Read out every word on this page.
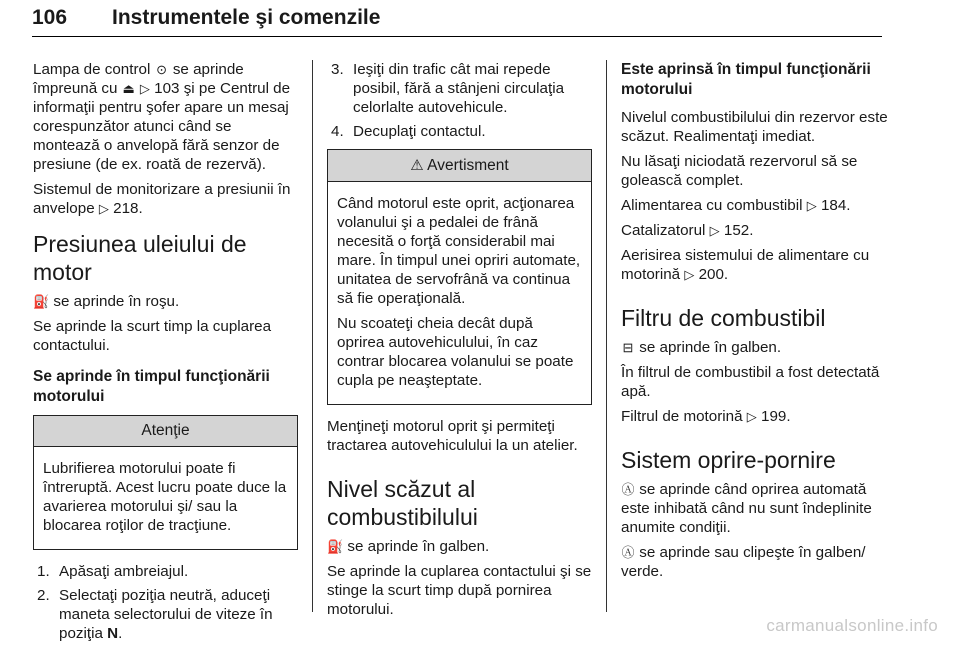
106 Instrumentele şi comenzile

Lampa de control ⊙ se aprinde împreună cu ⏏ ▷ 103 şi pe Centrul de informaţii pentru şofer apare un mesaj corespunzător atunci când se montează o anvelopă fără senzor de presiune (de ex. roată de rezervă).

Sistemul de monitorizare a presiunii în anvelope ▷ 218.

Presiunea uleiului de motor

⛽ se aprinde în roşu.

Se aprinde la scurt timp la cuplarea contactului.

Se aprinde în timpul funcţionării motorului
Atenţie

Lubrifierea motorului poate fi întreruptă. Acest lucru poate duce la avarierea motorului şi/ sau la blocarea roţilor de tracţiune.

1. Apăsaţi ambreiajul.
2. Selectaţi poziţia neutră, aduceţi maneta selectorului de viteze în poziţia N.
3. Ieşiţi din trafic cât mai repede posibil, fără a stânjeni circulaţia celorlalte autovehicule.
4. Decuplaţi contactul.
⚠ Avertisment

Când motorul este oprit, acţionarea volanului şi a pedalei de frână necesită o forţă considerabil mai mare. În timpul unei opriri automate, unitatea de servofrână va continua să fie operaţională.

Nu scoateţi cheia decât după oprirea autovehiculului, în caz contrar blocarea volanului se poate cupla pe neaşteptate.

Menţineţi motorul oprit şi permiteţi tractarea autovehiculului la un atelier.

Nivel scăzut al combustibilului

⛽ se aprinde în galben.

Se aprinde la cuplarea contactului şi se stinge la scurt timp după pornirea motorului.

Este aprinsă în timpul funcţionării motorului

Nivelul combustibilului din rezervor este scăzut. Realimentaţi imediat.

Nu lăsaţi niciodată rezervorul să se golească complet.

Alimentarea cu combustibil ▷ 184.

Catalizatorul ▷ 152.

Aerisirea sistemului de alimentare cu motorină ▷ 200.

Filtru de combustibil

⊟ se aprinde în galben.

În filtrul de combustibil a fost detectată apă.

Filtrul de motorină ▷ 199.

Sistem oprire-pornire

Ⓐ se aprinde când oprirea automată este inhibată când nu sunt îndeplinite anumite condiţii.

Ⓐ se aprinde sau clipeşte în galben/ verde.

carmanualsonline.info
